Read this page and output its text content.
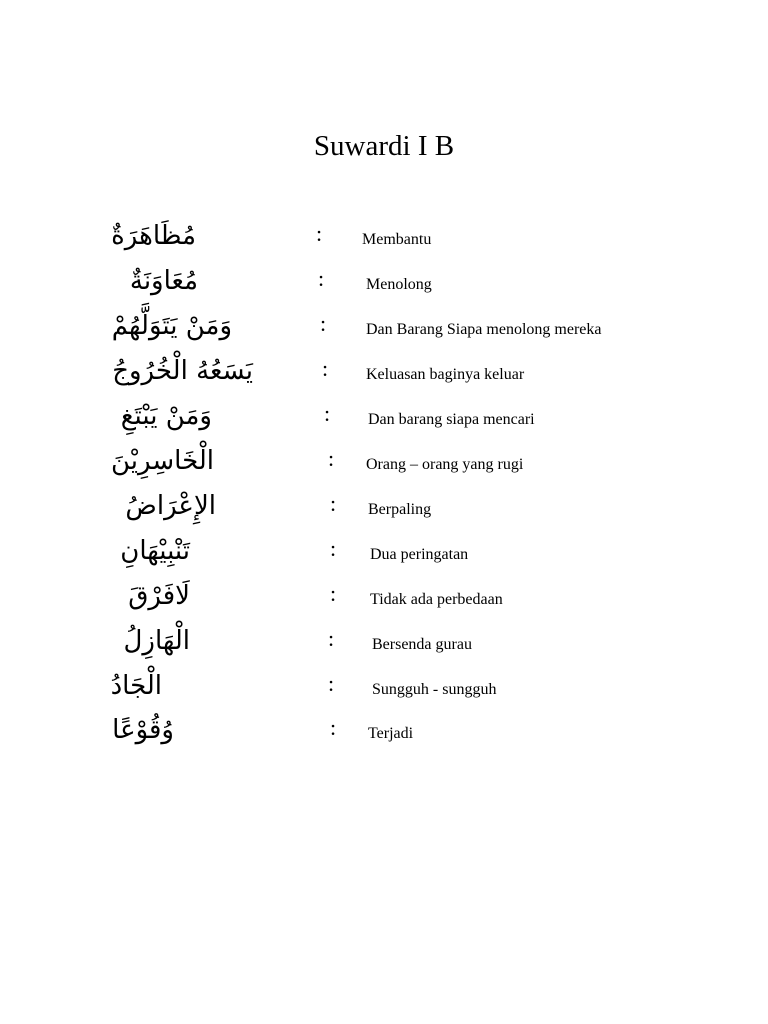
Suwardi I B
مُظَاهَرَةٌ	: Membantu
مُعَاوَنَةٌ	:	Menolong
وَمَنْ يَتَوَلَّهُمْ	: Dan Barang Siapa menolong mereka
يَسَعُهُ الْخُرُوجُ	: Keluasan baginya keluar
وَمَنْ يَبْتَغِ	: Dan barang siapa mencari
الْخَاسِرِيْنَ	: Orang – orang yang rugi
الإِعْرَاضُ	: Berpaling
تَنْبِيْهَانِ	: Dua peringatan
لَافَرْقَ	: Tidak ada perbedaan
الْهَازِلُ	: Bersenda gurau
الْجَادُ	: Sungguh - sungguh
وُقُوْعًا	: Terjadi
